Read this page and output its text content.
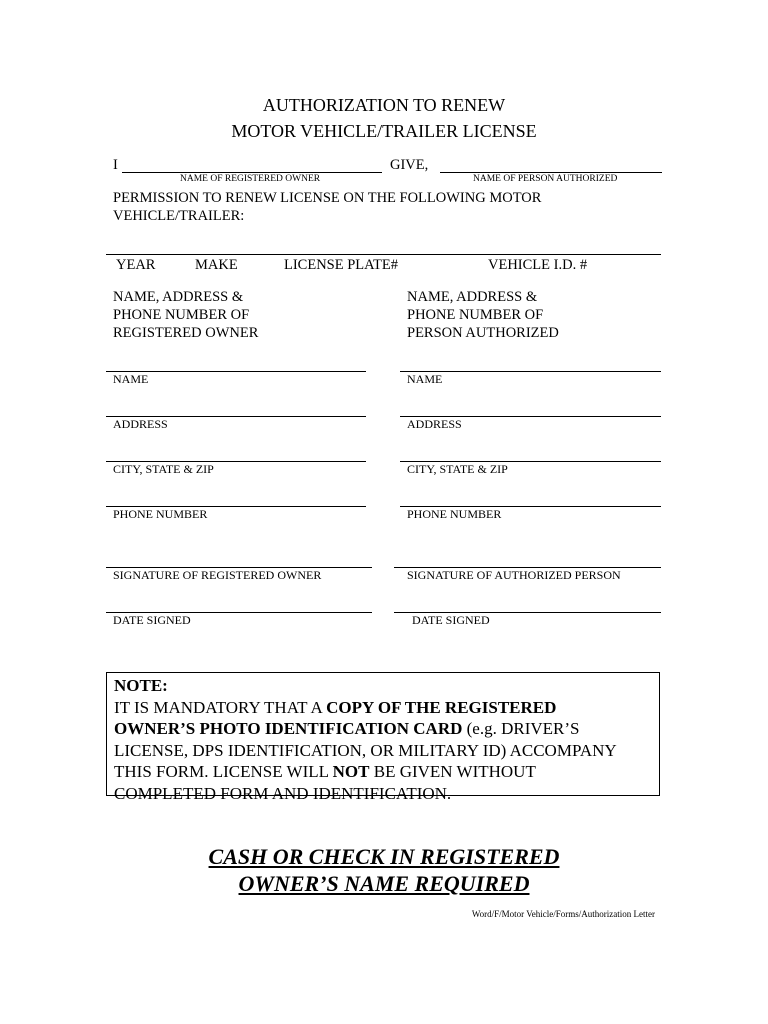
AUTHORIZATION TO RENEW
MOTOR VEHICLE/TRAILER LICENSE
I
NAME OF REGISTERED OWNER
GIVE,
NAME OF PERSON AUTHORIZED
PERMISSION TO RENEW LICENSE ON THE FOLLOWING MOTOR
VEHICLE/TRAILER:
YEAR	MAKE	LICENSE PLATE#	VEHICLE I.D. #
NAME, ADDRESS &
PHONE NUMBER OF
REGISTERED OWNER
NAME, ADDRESS &
PHONE NUMBER OF
PERSON AUTHORIZED
NAME
ADDRESS
CITY, STATE & ZIP
PHONE NUMBER
SIGNATURE OF REGISTERED OWNER
DATE SIGNED
NAME
ADDRESS
CITY, STATE & ZIP
PHONE NUMBER
SIGNATURE OF AUTHORIZED PERSON
DATE SIGNED
NOTE:
IT IS MANDATORY THAT A COPY OF THE REGISTERED
OWNER’S PHOTO IDENTIFICATION CARD (e.g. DRIVER’S
LICENSE, DPS IDENTIFICATION, OR MILITARY ID) ACCOMPANY
THIS FORM. LICENSE WILL NOT BE GIVEN WITHOUT
COMPLETED FORM AND IDENTIFICATION.
CASH OR CHECK IN REGISTERED
OWNER’S NAME REQUIRED
Word/F/Motor Vehicle/Forms/Authorization Letter
